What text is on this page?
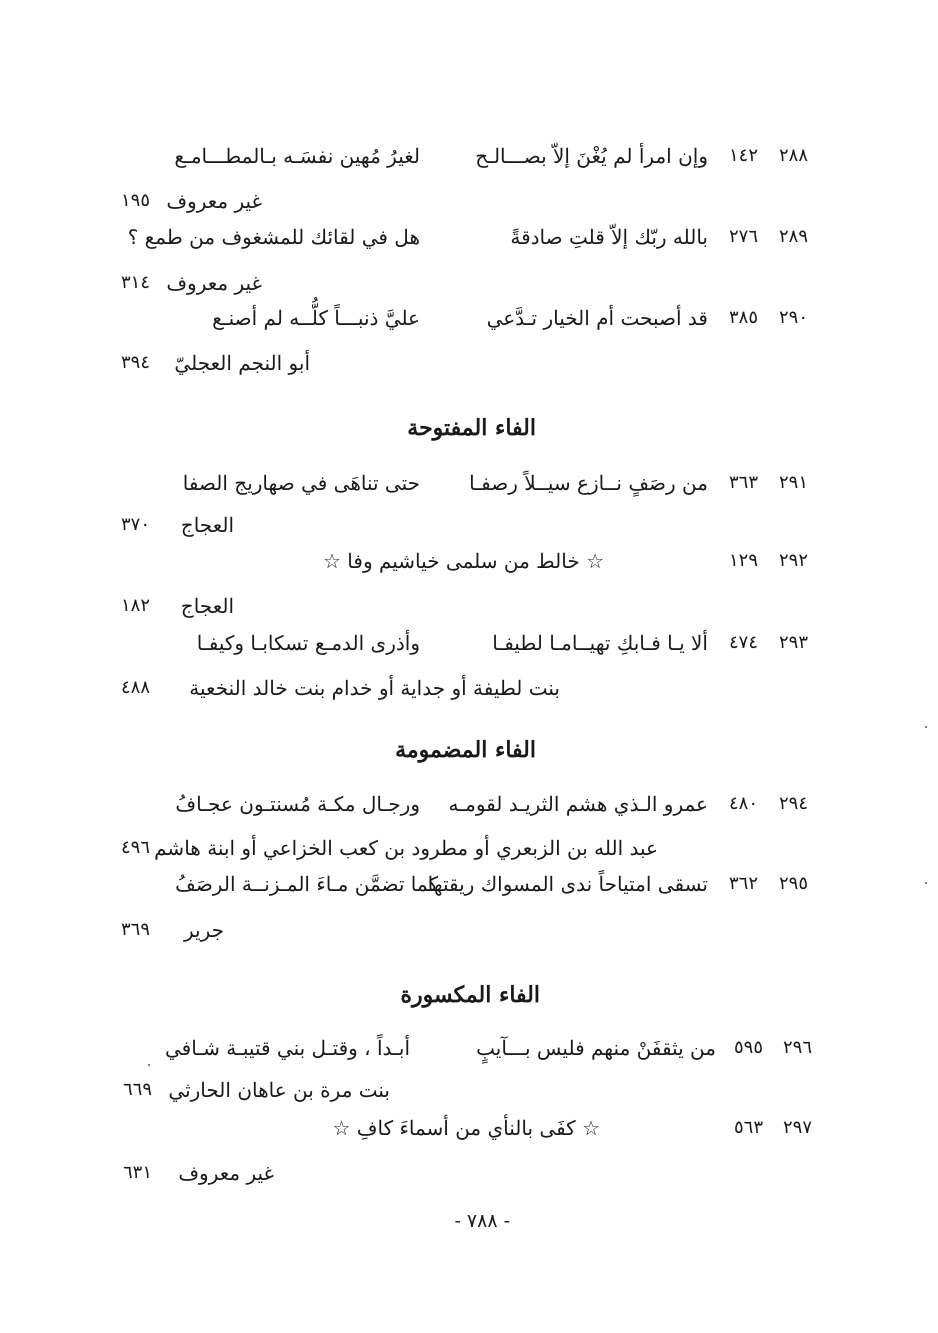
٢٨٨
١٤٢
وإن امرأ لم يُغْنَ إلاّ بصـــالـح
لغيرُ مُهين نفسَـه بـالمطـــامـع
غير معروف
١٩٥
٢٨٩
٢٧٦
بالله ربّك إلاّ قلتِ صادقةً
هل في لقائك للمشغوف من طمع ؟
غير معروف
٣١٤
٢٩٠
٣٨٥
قد أصبحت أم الخيار تـدَّعي
عليَّ ذنبـــاً كلُّــه لم أصنـع
أبو النجم العجليّ
٣٩٤
الفاء المفتوحة
٢٩١
٣٦٣
من رصَفٍ نــازع سيــلاً رصفـا
حتى تناهَى في صهاريج الصفا
العجاج
٣٧٠
٢٩٢
١٢٩
☆ خالط من سلمى خياشيم وفا ☆
العجاج
١٨٢
٢٩٣
٤٧٤
ألا يـا فـابكِ تهيــامـا لطيفـا
وأذرى الدمـع تسكابـا وكيفـا
بنت لطيفة أو جداية أو خدام بنت خالد النخعية
٤٨٨
الفاء المضمومة
٢٩٤
٤٨٠
عمرو الـذي هشم الثريـد لقومـه
ورجـال مكـة مُسنتـون عجـافُ
عبد الله بن الزبعري أو مطرود بن كعب الخزاعي أو ابنة هاشم
٤٩٦
٢٩٥
٣٦٢
تسقى امتياحاً ندى المسواك ريقتها
كما تضمَّن مـاءَ المـزنــة الرصَفُ
جرير
٣٦٩
الفاء المكسورة
٢٩٦
٥٩٥
من يثقفَنْ منهم فليس بـــآيبٍ
أبـداً ، وقتـل بني قتيبـة شـافي
بنت مرة بن عاهان الحارثي
٦٦٩
٢٩٧
٥٦٣
☆ كفَى بالنأي من أسماءَ كافِ ☆
غير معروف
٦٣١
- ٧٨٨ -
